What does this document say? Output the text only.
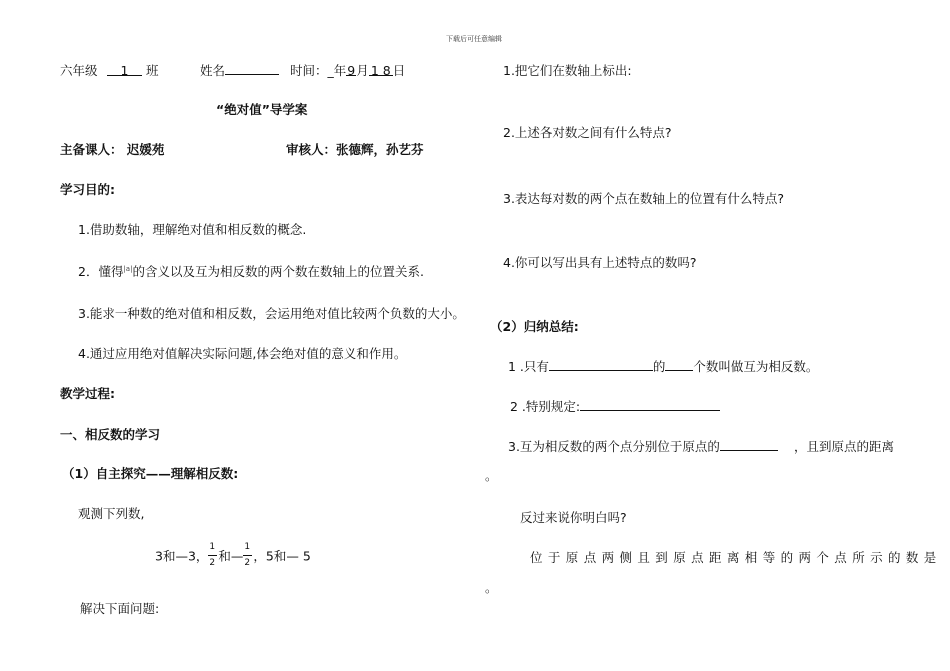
下载后可任意编辑
六年级	1 班	姓名	时间：_年9月 1 8 日
“绝对值”导学案
主备课人： 迟媛苑	审核人：张德辉，孙艺芬
学习目的:
1.借助数轴，理解绝对值和相反数的概念.
2．懂得|a|的含义以及互为相反数的两个数在数轴上的位置关系.
3.能求一种数的绝对值和相反数，会运用绝对值比较两个负数的大小。
4.通过应用绝对值解决实际问题,体会绝对值的意义和作用。
教学过程:
一、相反数的学习
（1）自主探究——理解相反数:
观测下列数,
3和—3， $\frac{1}{2}$ 和— $\frac{1}{2}$ ，5和— 5
解决下面问题:
1.把它们在数轴上标出:
2.上述各对数之间有什么特点?
3.表达每对数的两个点在数轴上的位置有什么特点?
4.你可以写出具有上述特点的数吗?
（2）归纳总结:
1 .只有	的 个数叫做互为相反数。
2 .特别规定:
3.互为相反数的两个点分别位于原点的	，且到原点的距离
。
反过来说你明白吗?
位于原点两侧且到原点距离相等的两个点所示的数是
。
